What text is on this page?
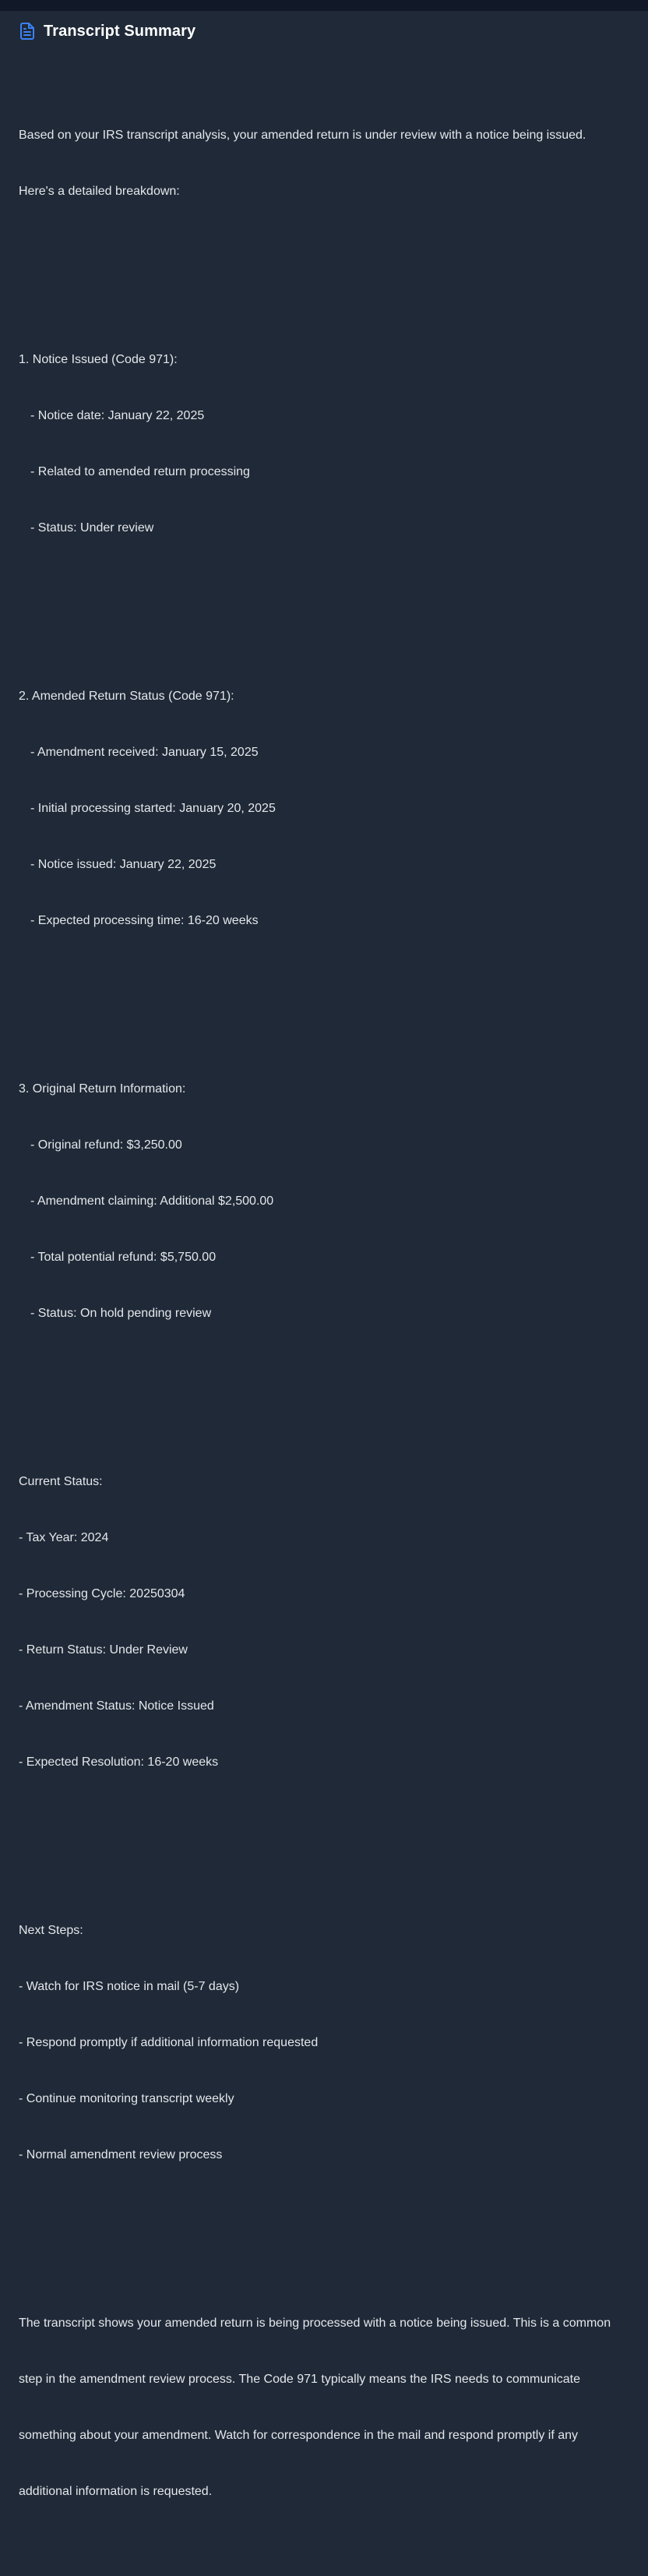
Transcript Summary

Based on your IRS transcript analysis, your amended return is under review with a notice being issued.

Here's a detailed breakdown:

1. Notice Issued (Code 971):

- Notice date: January 22, 2025

- Related to amended return processing

- Status: Under review

2. Amended Return Status (Code 971):

- Amendment received: January 15, 2025

- Initial processing started: January 20, 2025

- Notice issued: January 22, 2025

- Expected processing time: 16-20 weeks

3. Original Return Information:

- Original refund: $3,250.00

- Amendment claiming: Additional $2,500.00

- Total potential refund: $5,750.00

- Status: On hold pending review

Current Status:

- Tax Year: 2024

- Processing Cycle: 20250304

- Return Status: Under Review

- Amendment Status: Notice Issued

- Expected Resolution: 16-20 weeks

Next Steps:

- Watch for IRS notice in mail (5-7 days)

- Respond promptly if additional information requested

- Continue monitoring transcript weekly

- Normal amendment review process

The transcript shows your amended return is being processed with a notice being issued. This is a common

step in the amendment review process. The Code 971 typically means the IRS needs to communicate

something about your amendment. Watch for correspondence in the mail and respond promptly if any

additional information is requested.
